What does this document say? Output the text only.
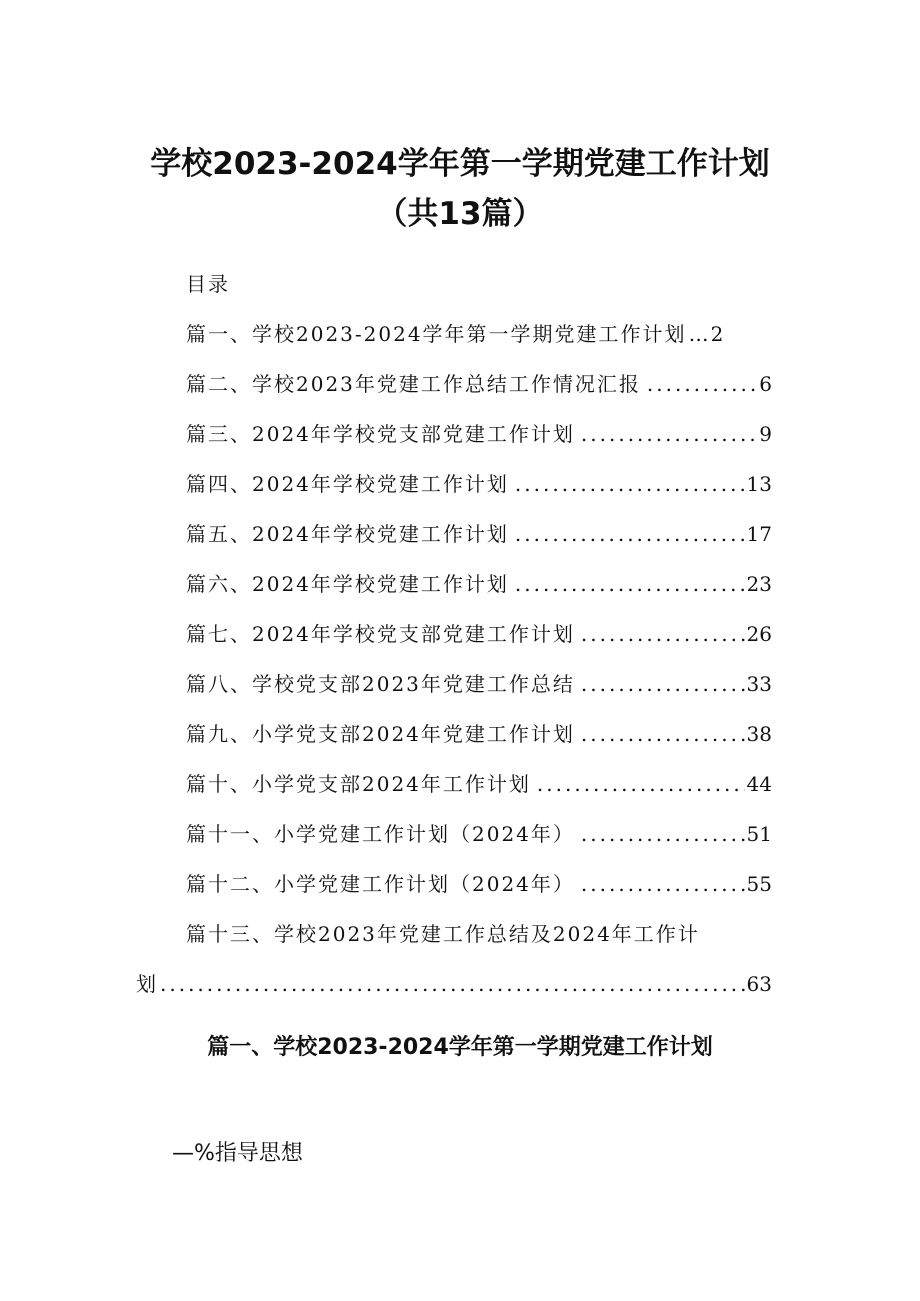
学校2023-2024学年第一学期党建工作计划
（共13篇）
目录
篇一、学校2023-2024学年第一学期党建工作计划 … 2
篇二、学校2023年党建工作总结工作情况汇报 .....	6
篇三、2024年学校党支部党建工作计划 .....	9
篇四、2024年学校党建工作计划 .....	13
篇五、2024年学校党建工作计划 .....	17
篇六、2024年学校党建工作计划 .....	23
篇七、2024年学校党支部党建工作计划 .....	26
篇八、学校党支部2023年党建工作总结 .....	33
篇九、小学党支部2024年党建工作计划 .....	38
篇十、小学党支部2024年工作计划 .....	44
篇十一、小学党建工作计划（2024年） .....	51
篇十二、小学党建工作计划（2024年） .....	55
篇十三、学校2023年党建工作总结及2024年工作计
划 .....	63
篇一、学校2023-2024学年第一学期党建工作计划
—%指导思想
